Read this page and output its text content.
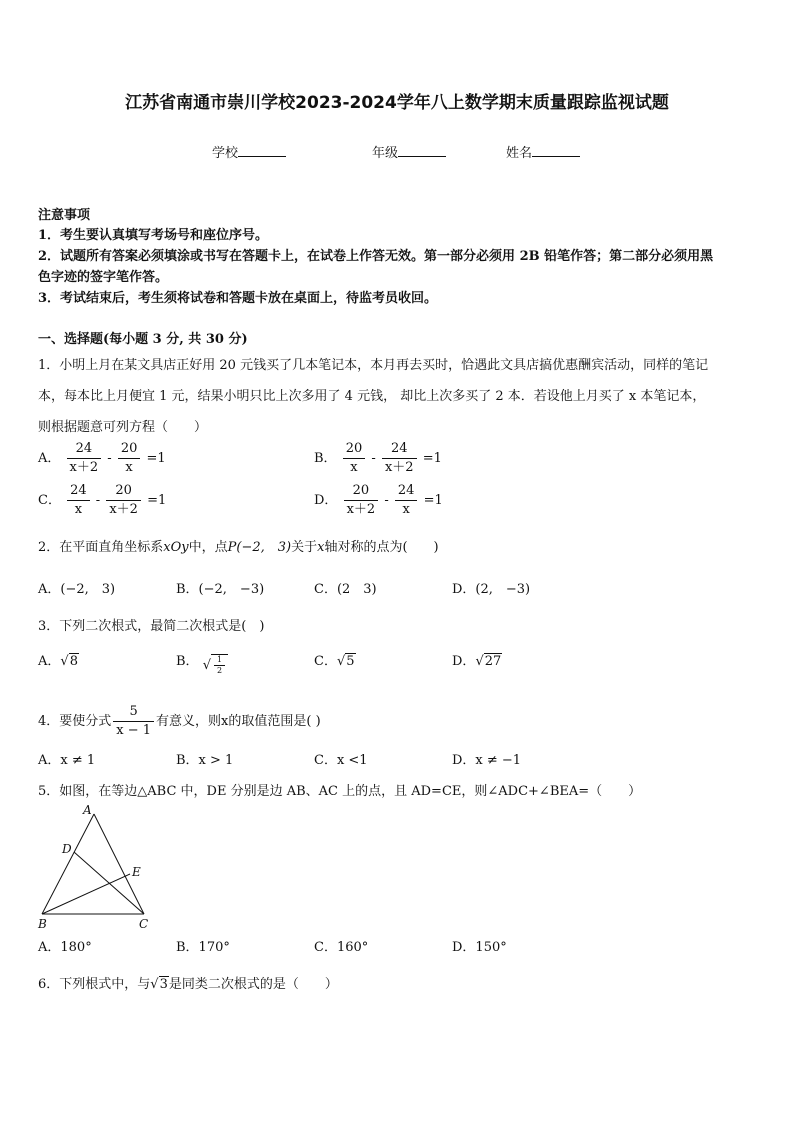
江苏省南通市崇川学校2023-2024学年八上数学期末质量跟踪监视试题
学校	年级	姓名
注意事项
1．考生要认真填写考场号和座位序号。
2．试题所有答案必须填涂或书写在答题卡上，在试卷上作答无效。第一部分必须用 2B 铅笔作答；第二部分必须用黑
色字迹的签字笔作答。
3．考试结束后，考生须将试卷和答题卡放在桌面上，待监考员收回。
一、选择题(每小题 3 分, 共 30 分)
1．小明上月在某文具店正好用 20 元钱买了几本笔记本，本月再去买时，恰遇此文具店搞优惠酬宾活动，同样的笔记
本，每本比上月便宜 1 元，结果小明只比上次多用了 4 元钱， 却比上次多买了 2 本．若设他上月买了 x 本笔记本，
则根据题意可列方程（　　）
A． $\frac{24}{x+2} - \frac{20}{x} =1$	B． $\frac{20}{x} - \frac{24}{x+2} =1$
C． $\frac{24}{x} - \frac{20}{x+2} =1$	D． $\frac{20}{x+2} - \frac{24}{x} =1$
2．在平面直角坐标系xOy中，点P(−2,　3)关于x轴对称的点为(　　)
A．(−2,　3)	B．(−2,　−3)	C．(2　3)	D．(2,　−3)
3．下列二次根式，最简二次根式是(　)
A．√8	B． √ $\frac{1}{2}$	C．√5	D．√27
4．要使分式 $\frac{5}{x - 1}$ 有意义，则x的取值范围是( )
A．x ≠ 1	B．x > 1	C．x <1	D．x ≠ −1
5．如图，在等边△ABC 中，DE 分别是边 AB、AC 上的点，且 AD=CE，则∠ADC+∠BEA=（　　）
A
D
E
B	C
A．180°	B．170°	C．160°	D．150°
6．下列根式中，与√3是同类二次根式的是（　　）
